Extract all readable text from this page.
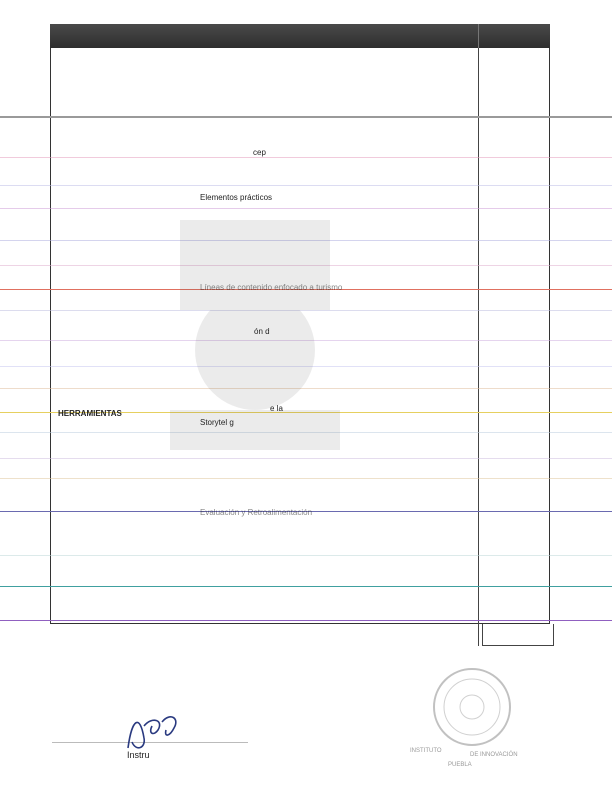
cep
Elementos prácticos
Líneas de contenido enfocado a turismo
ón d
e la
HERRAMIENTAS
Storytel g
Evaluación y Retroalimentación
Instru	INSTITUTO
DE INNOVACIÓN
PUEBLA
